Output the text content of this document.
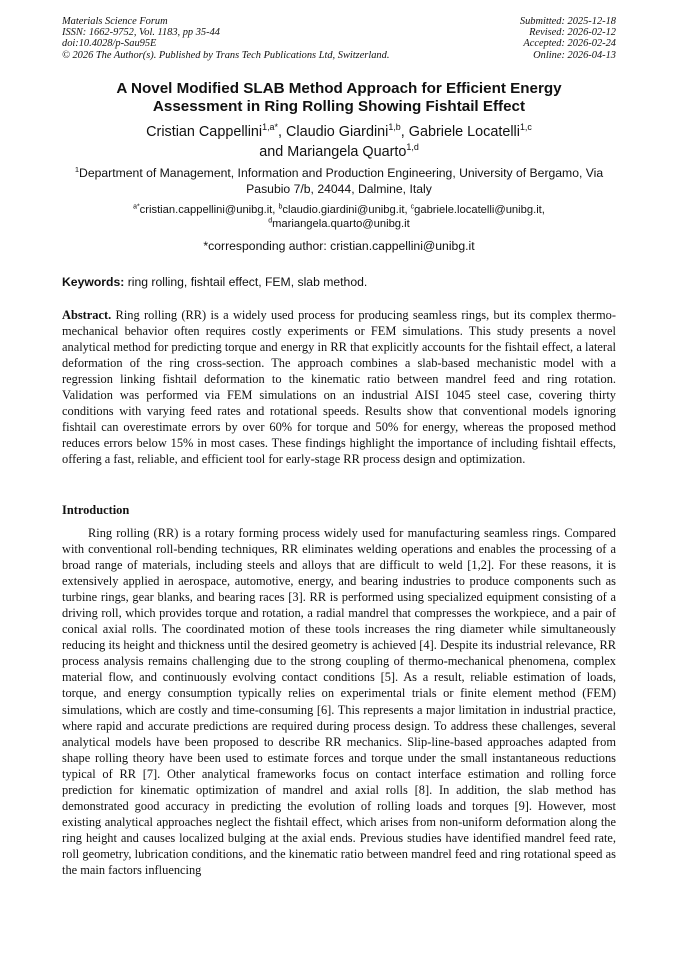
Materials Science Forum
ISSN: 1662-9752, Vol. 1183, pp 35-44
doi:10.4028/p-Sau95E
© 2026 The Author(s). Published by Trans Tech Publications Ltd, Switzerland.
Submitted: 2025-12-18
Revised: 2026-02-12
Accepted: 2026-02-24
Online: 2026-04-13
A Novel Modified SLAB Method Approach for Efficient Energy
Assessment in Ring Rolling Showing Fishtail Effect
Cristian Cappellini$^{1,a*}$, Claudio Giardini$^{1,b}$, Gabriele Locatelli$^{1,c}$
and Mariangela Quarto$^{1,d}$
$^1$Department of Management, Information and Production Engineering, University of Bergamo, Via Pasubio 7/b, 24044, Dalmine, Italy
$^{a*}$cristian.cappellini@unibg.it, $^b$claudio.giardini@unibg.it, $^c$gabriele.locatelli@unibg.it,
$^d$mariangela.quarto@unibg.it
*corresponding author: cristian.cappellini@unibg.it
Keywords: ring rolling, fishtail effect, FEM, slab method.
Abstract. Ring rolling (RR) is a widely used process for producing seamless rings, but its complex thermo-mechanical behavior often requires costly experiments or FEM simulations. This study presents a novel analytical method for predicting torque and energy in RR that explicitly accounts for the fishtail effect, a lateral deformation of the ring cross-section. The approach combines a slab-based mechanistic model with a regression linking fishtail deformation to the kinematic ratio between mandrel feed and ring rotation. Validation was performed via FEM simulations on an industrial AISI 1045 steel case, covering thirty conditions with varying feed rates and rotational speeds. Results show that conventional models ignoring fishtail can overestimate errors by over 60% for torque and 50% for energy, whereas the proposed method reduces errors below 15% in most cases. These findings highlight the importance of including fishtail effects, offering a fast, reliable, and efficient tool for early-stage RR process design and optimization.
Introduction

Ring rolling (RR) is a rotary forming process widely used for manufacturing seamless rings. Compared with conventional roll-bending techniques, RR eliminates welding operations and enables the processing of a broad range of materials, including steels and alloys that are difficult to weld [1,2]. For these reasons, it is extensively applied in aerospace, automotive, energy, and bearing industries to produce components such as turbine rings, gear blanks, and bearing races [3]. RR is performed using specialized equipment consisting of a driving roll, which provides torque and rotation, a radial mandrel that compresses the workpiece, and a pair of conical axial rolls. The coordinated motion of these tools increases the ring diameter while simultaneously reducing its height and thickness until the desired geometry is achieved [4]. Despite its industrial relevance, RR process analysis remains challenging due to the strong coupling of thermo-mechanical phenomena, complex material flow, and continuously evolving contact conditions [5]. As a result, reliable estimation of loads, torque, and energy consumption typically relies on experimental trials or finite element method (FEM) simulations, which are costly and time-consuming [6]. This represents a major limitation in industrial practice, where rapid and accurate predictions are required during process design. To address these challenges, several analytical models have been proposed to describe RR mechanics. Slip-line-based approaches adapted from shape rolling theory have been used to estimate forces and torque under the small instantaneous reductions typical of RR [7]. Other analytical frameworks focus on contact interface estimation and rolling force prediction for kinematic optimization of mandrel and axial rolls [8]. In addition, the slab method has demonstrated good accuracy in predicting the evolution of rolling loads and torques [9]. However, most existing analytical approaches neglect the fishtail effect, which arises from non-uniform deformation along the ring height and causes localized bulging at the axial ends. Previous studies have identified mandrel feed rate, roll geometry, lubrication conditions, and the kinematic ratio between mandrel feed and ring rotational speed as the main factors influencing
